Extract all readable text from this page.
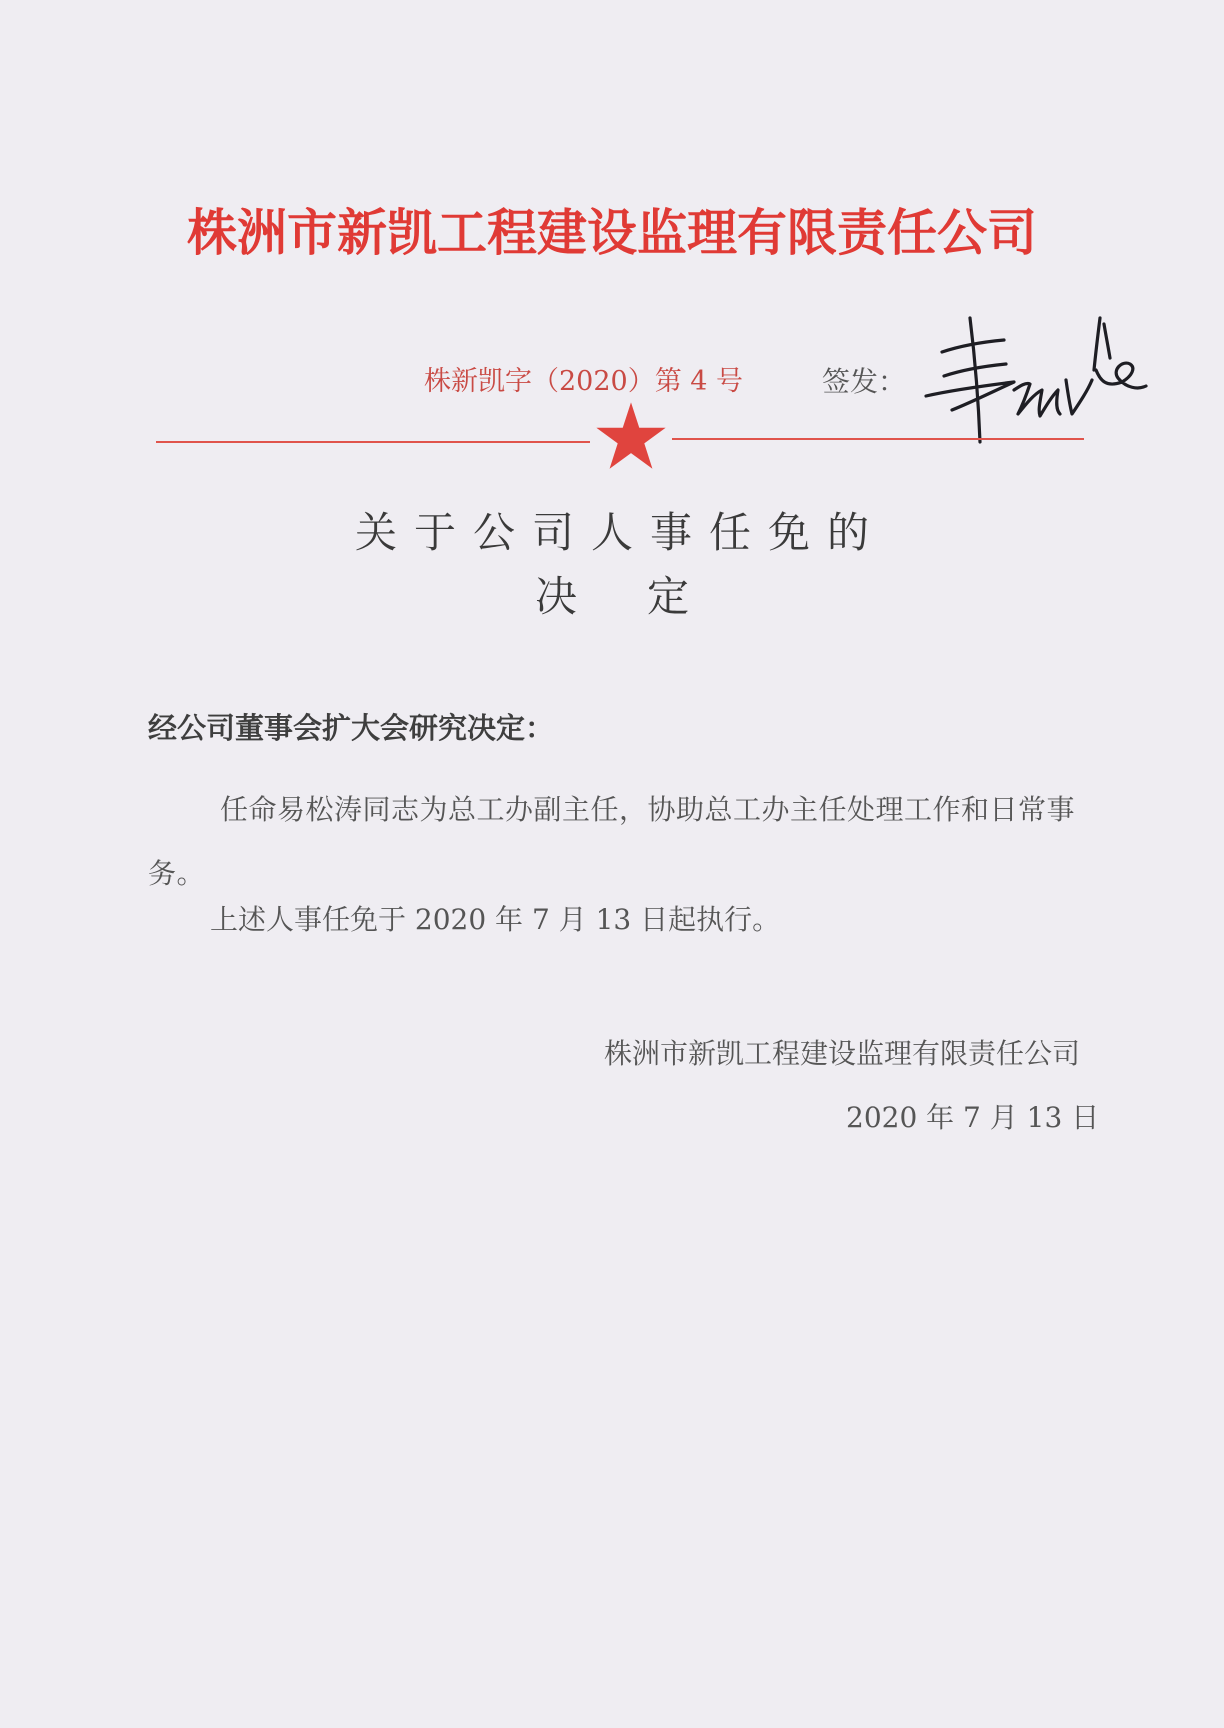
株洲市新凯工程建设监理有限责任公司
株新凯字（2020）第 4 号	签发：
关于公司人事任免的
决定
经公司董事会扩大会研究决定：
任命易松涛同志为总工办副主任，协助总工办主任处理工作和日常事务。
上述人事任免于 2020 年 7 月 13 日起执行。
株洲市新凯工程建设监理有限责任公司
2020 年 7 月 13 日
